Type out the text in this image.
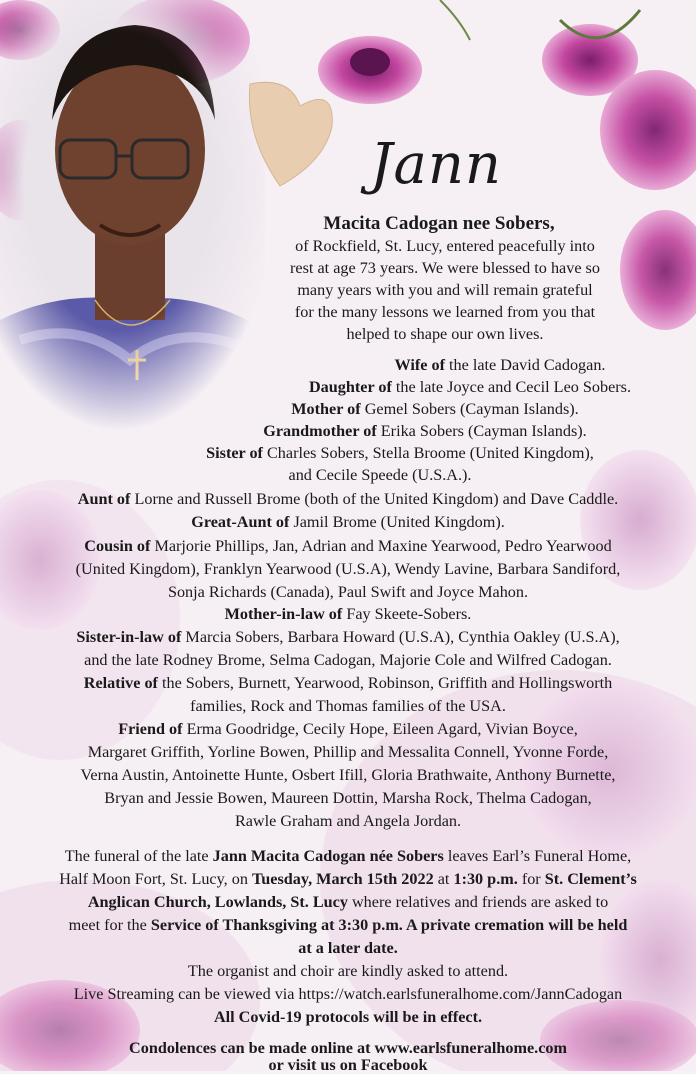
Jann
Macita Cadogan nee Sobers,
of Rockfield, St. Lucy, entered peacefully into
rest at age 73 years. We were blessed to have so
many years with you and will remain grateful
for the many lessons we learned from you that
helped to shape our own lives.
Wife of the late David Cadogan.
Daughter of the late Joyce and Cecil Leo Sobers.
Mother of Gemel Sobers (Cayman Islands).
Grandmother of Erika Sobers (Cayman Islands).
Sister of Charles Sobers, Stella Broome (United Kingdom),
and Cecile Speede (U.S.A.).
Aunt of Lorne and Russell Brome (both of the United Kingdom) and Dave Caddle.
Great-Aunt of Jamil Brome (United Kingdom).
Cousin of Marjorie Phillips, Jan, Adrian and Maxine Yearwood, Pedro Yearwood
(United Kingdom), Franklyn Yearwood (U.S.A), Wendy Lavine, Barbara Sandiford,
Sonja Richards (Canada), Paul Swift and Joyce Mahon.
Mother-in-law of Fay Skeete-Sobers.
Sister-in-law of Marcia Sobers, Barbara Howard (U.S.A), Cynthia Oakley (U.S.A),
and the late Rodney Brome, Selma Cadogan, Majorie Cole and Wilfred Cadogan.
Relative of the Sobers, Burnett, Yearwood, Robinson, Griffith and Hollingsworth
families, Rock and Thomas families of the USA.
Friend of Erma Goodridge, Cecily Hope, Eileen Agard, Vivian Boyce,
Margaret Griffith, Yorline Bowen, Phillip and Messalita Connell, Yvonne Forde,
Verna Austin, Antoinette Hunte, Osbert Ifill, Gloria Brathwaite, Anthony Burnette,
Bryan and Jessie Bowen, Maureen Dottin, Marsha Rock, Thelma Cadogan,
Rawle Graham and Angela Jordan.
The funeral of the late Jann Macita Cadogan née Sobers leaves Earl’s Funeral Home,
Half Moon Fort, St. Lucy, on Tuesday, March 15th 2022 at 1:30 p.m. for St. Clement’s
Anglican Church, Lowlands, St. Lucy where relatives and friends are asked to
meet for the Service of Thanksgiving at 3:30 p.m. A private cremation will be held
at a later date.
The organist and choir are kindly asked to attend.
Live Streaming can be viewed via https://watch.earlsfuneralhome.com/JannCadogan
All Covid-19 protocols will be in effect.
Condolences can be made online at www.earlsfuneralhome.com
or visit us on Facebook
